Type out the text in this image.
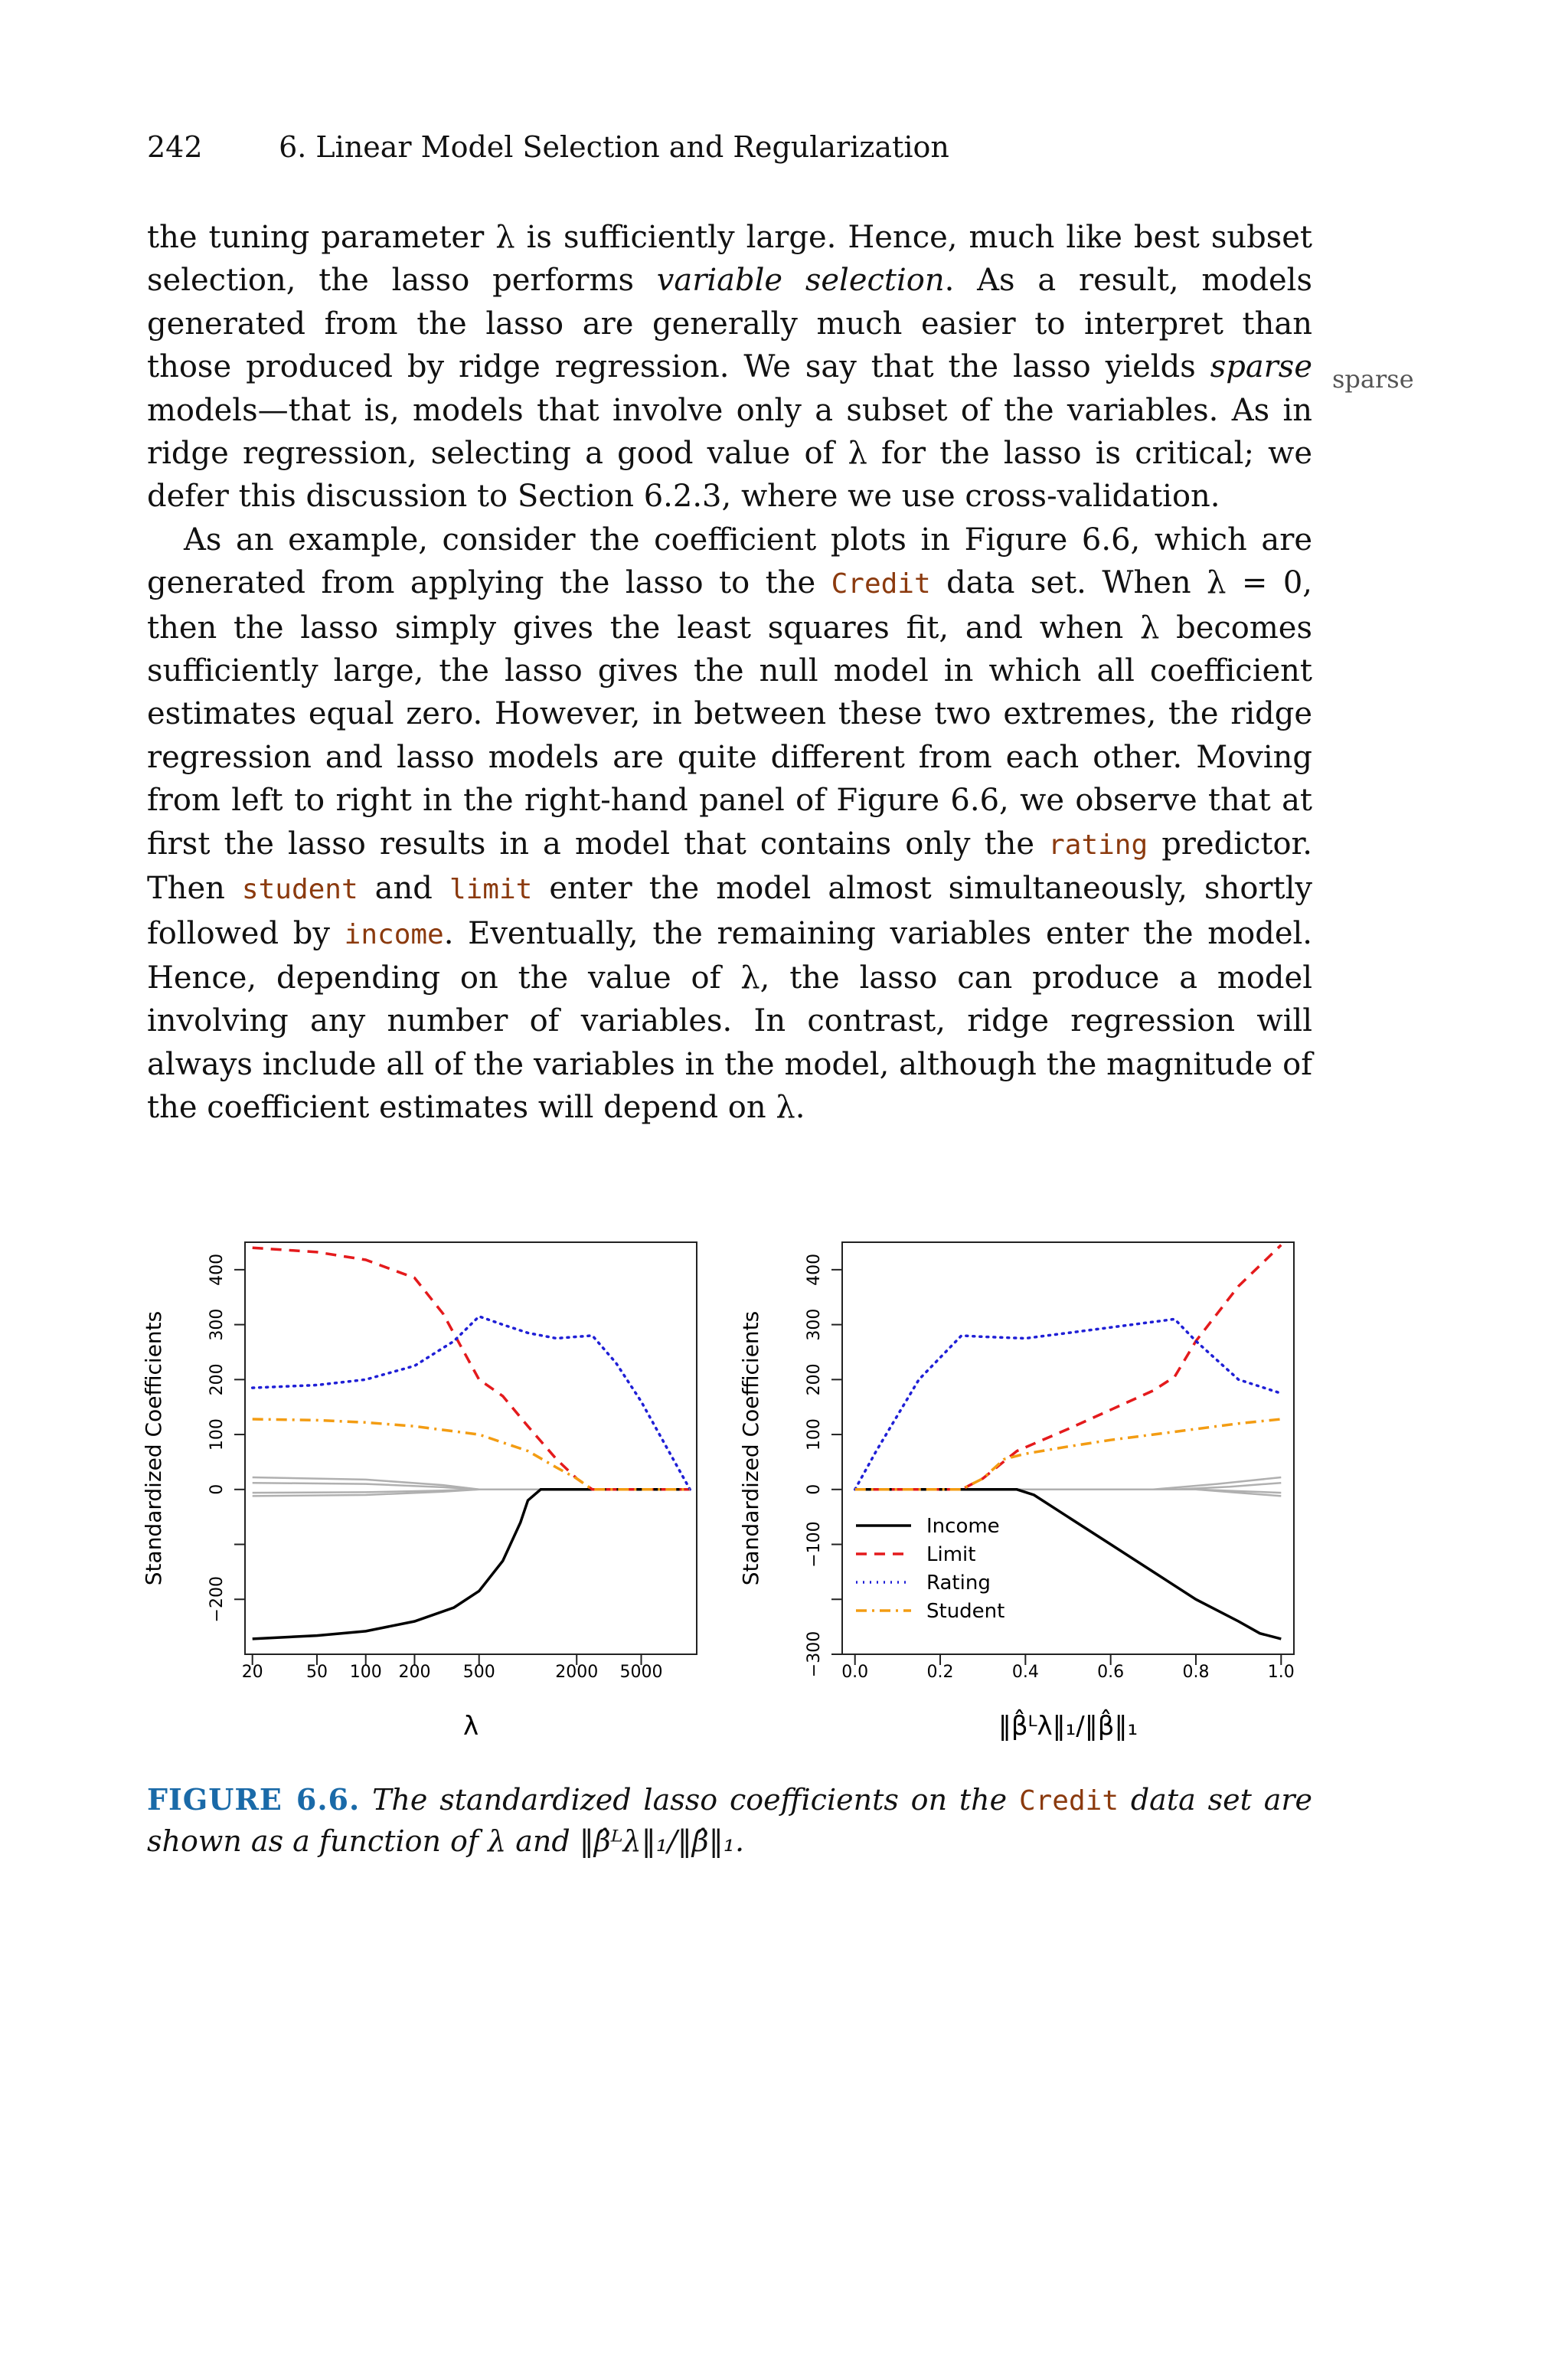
242	6. Linear Model Selection and Regularization
sparse

the tuning parameter λ is sufficiently large. Hence, much like best subset selection, the lasso performs variable selection. As a result, models generated from the lasso are generally much easier to interpret than those produced by ridge regression. We say that the lasso yields sparse models—that is, models that involve only a subset of the variables. As in ridge regression, selecting a good value of λ for the lasso is critical; we defer this discussion to Section 6.2.3, where we use cross-validation.

As an example, consider the coefficient plots in Figure 6.6, which are generated from applying the lasso to the Credit data set. When λ = 0, then the lasso simply gives the least squares fit, and when λ becomes sufficiently large, the lasso gives the null model in which all coefficient estimates equal zero. However, in between these two extremes, the ridge regression and lasso models are quite different from each other. Moving from left to right in the right-hand panel of Figure 6.6, we observe that at first the lasso results in a model that contains only the rating predictor. Then student and limit enter the model almost simultaneously, shortly followed by income. Eventually, the remaining variables enter the model. Hence, depending on the value of λ, the lasso can produce a model involving any number of variables. In contrast, ridge regression will always include all of the variables in the model, although the magnitude of the coefficient estimates will depend on λ.

−200
0
100
200
300
400
Standardized Coefficients
20	50 100 200 500	2000 5000
λ
−300
−100
0
100
200
300
400
Standardized Coefficients
0.0	0.2	0.4	0.6	0.8	1.0
‖β̂ᴸλ‖₁/‖β̂‖₁
Income
Limit
Rating
Student
FIGURE 6.6. The standardized lasso coefficients on the Credit data set are shown as a function of λ and ‖β̂ᴸλ‖₁/‖β̂‖₁.
